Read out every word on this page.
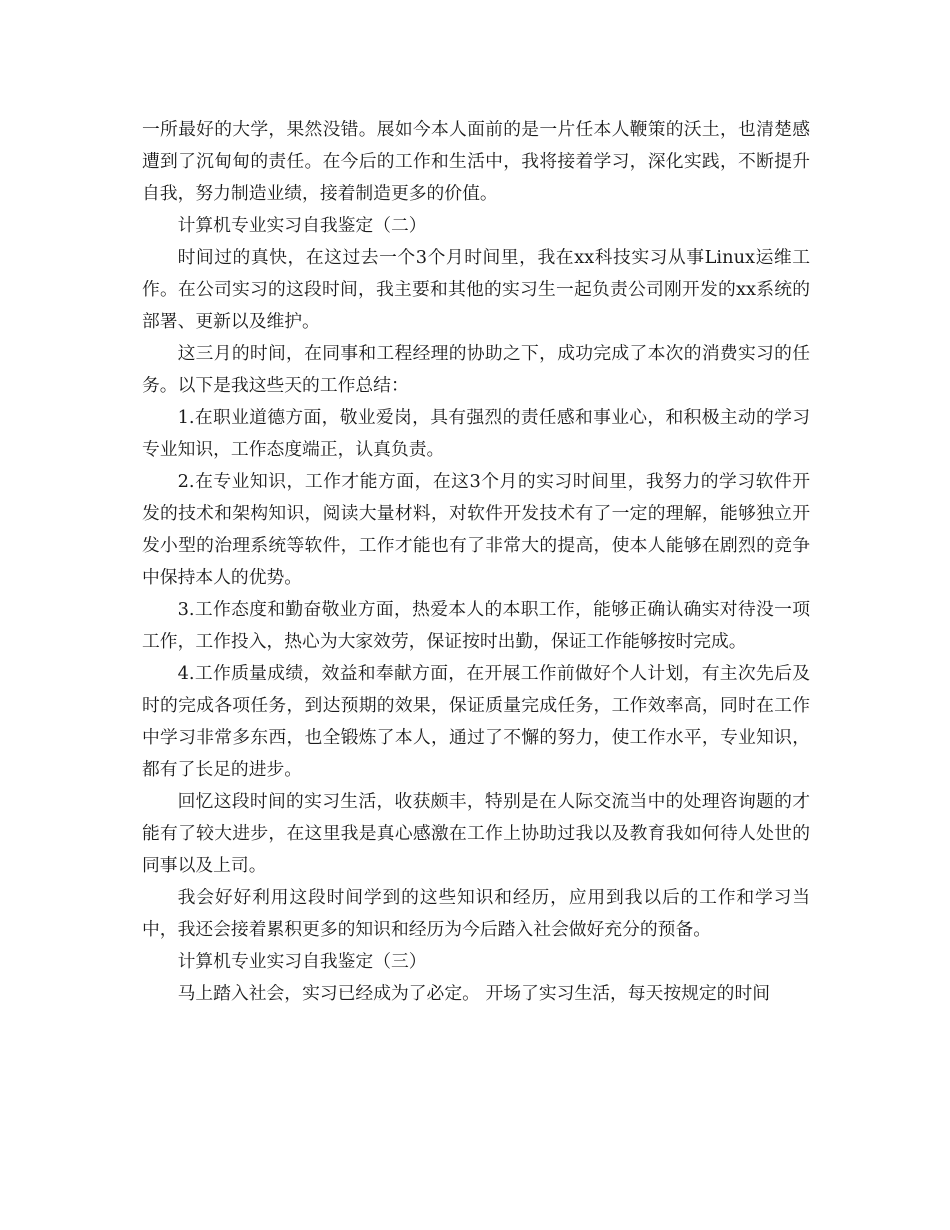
一所最好的大学，果然没错。展如今本人面前的是一片任本人鞭策的沃土，也清楚感遭到了沉甸甸的责任。在今后的工作和生活中，我将接着学习，深化实践，不断提升自我，努力制造业绩，接着制造更多的价值。

计算机专业实习自我鉴定（二）

时间过的真快，在这过去一个3个月时间里，我在xx科技实习从事Linux运维工作。在公司实习的这段时间，我主要和其他的实习生一起负责公司刚开发的xx系统的部署、更新以及维护。

这三月的时间，在同事和工程经理的协助之下，成功完成了本次的消费实习的任务。以下是我这些天的工作总结：

1.在职业道德方面，敬业爱岗，具有强烈的责任感和事业心，和积极主动的学习专业知识，工作态度端正，认真负责。

2.在专业知识，工作才能方面，在这3个月的实习时间里，我努力的学习软件开发的技术和架构知识，阅读大量材料，对软件开发技术有了一定的理解，能够独立开发小型的治理系统等软件，工作才能也有了非常大的提高，使本人能够在剧烈的竞争中保持本人的优势。

3.工作态度和勤奋敬业方面，热爱本人的本职工作，能够正确认确实对待没一项工作，工作投入，热心为大家效劳，保证按时出勤，保证工作能够按时完成。

4.工作质量成绩，效益和奉献方面，在开展工作前做好个人计划，有主次先后及时的完成各项任务，到达预期的效果，保证质量完成任务，工作效率高，同时在工作中学习非常多东西，也全锻炼了本人，通过了不懈的努力，使工作水平，专业知识，都有了长足的进步。

回忆这段时间的实习生活，收获颇丰，特别是在人际交流当中的处理咨询题的才能有了较大进步，在这里我是真心感激在工作上协助过我以及教育我如何待人处世的同事以及上司。

我会好好利用这段时间学到的这些知识和经历，应用到我以后的工作和学习当中，我还会接着累积更多的知识和经历为今后踏入社会做好充分的预备。

计算机专业实习自我鉴定（三）

马上踏入社会，实习已经成为了必定。 开场了实习生活，每天按规定的时间
